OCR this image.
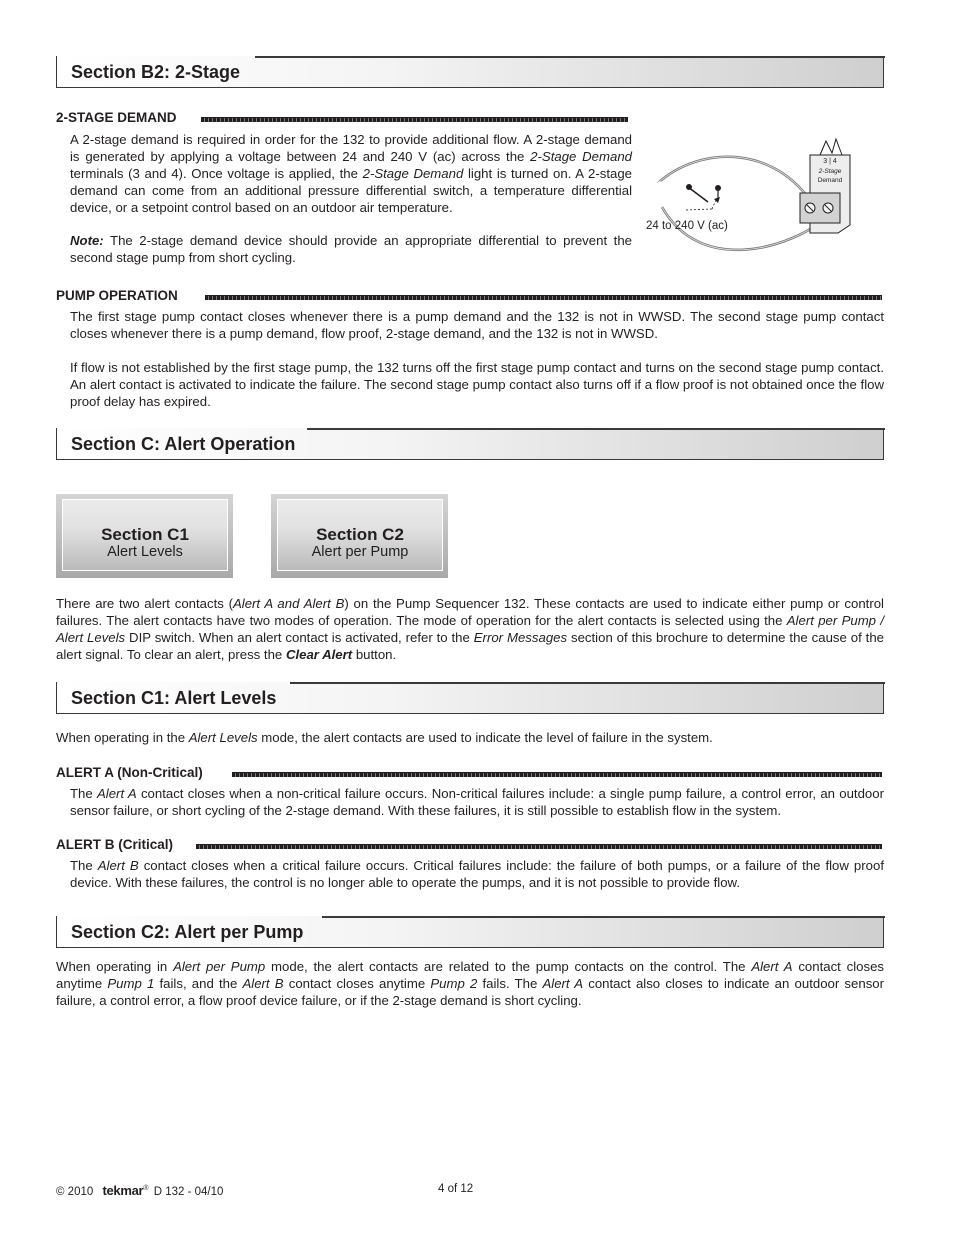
Section B2: 2-Stage
2-STAGE DEMAND

A 2-stage demand is required in order for the 132 to provide additional flow. A 2-stage demand is generated by applying a voltage between 24 and 240 V (ac) across the 2-Stage Demand terminals (3 and 4). Once voltage is applied, the 2-Stage Demand light is turned on. A 2-stage demand can come from an additional pressure differential switch, a temperature differential device, or a setpoint control based on an outdoor air temperature.

Note: The 2-stage demand device should provide an appropriate differential to prevent the second stage pump from short cycling.

3 | 4
2-Stage
Demand
24 to 240 V (ac)
PUMP OPERATION

The first stage pump contact closes whenever there is a pump demand and the 132 is not in WWSD. The second stage pump contact closes whenever there is a pump demand, flow proof, 2-stage demand, and the 132 is not in WWSD.

If flow is not established by the first stage pump, the 132 turns off the first stage pump contact and turns on the second stage pump contact. An alert contact is activated to indicate the failure. The second stage pump contact also turns off if a flow proof is not obtained once the flow proof delay has expired.

Section C: Alert Operation
Section C1
Alert Levels
Section C2
Alert per Pump

There are two alert contacts (Alert A and Alert B) on the Pump Sequencer 132. These contacts are used to indicate either pump or control failures. The alert contacts have two modes of operation. The mode of operation for the alert contacts is selected using the Alert per Pump / Alert Levels DIP switch. When an alert contact is activated, refer to the Error Messages section of this brochure to determine the cause of the alert signal. To clear an alert, press the Clear Alert button.

Section C1: Alert Levels

When operating in the Alert Levels mode, the alert contacts are used to indicate the level of failure in the system.

ALERT A (Non-Critical)

The Alert A contact closes when a non-critical failure occurs. Non-critical failures include: a single pump failure, a control error, an outdoor sensor failure, or short cycling of the 2-stage demand. With these failures, it is still possible to establish flow in the system.

ALERT B (Critical)

The Alert B contact closes when a critical failure occurs. Critical failures include: the failure of both pumps, or a failure of the flow proof device. With these failures, the control is no longer able to operate the pumps, and it is not possible to provide flow.

Section C2: Alert per Pump

When operating in Alert per Pump mode, the alert contacts are related to the pump contacts on the control. The Alert A contact closes anytime Pump 1 fails, and the Alert B contact closes anytime Pump 2 fails. The Alert A contact also closes to indicate an outdoor sensor failure, a control error, a flow proof device failure, or if the 2-stage demand is short cycling.

© 2010 tekmar® D 132 - 04/10	4 of 12
